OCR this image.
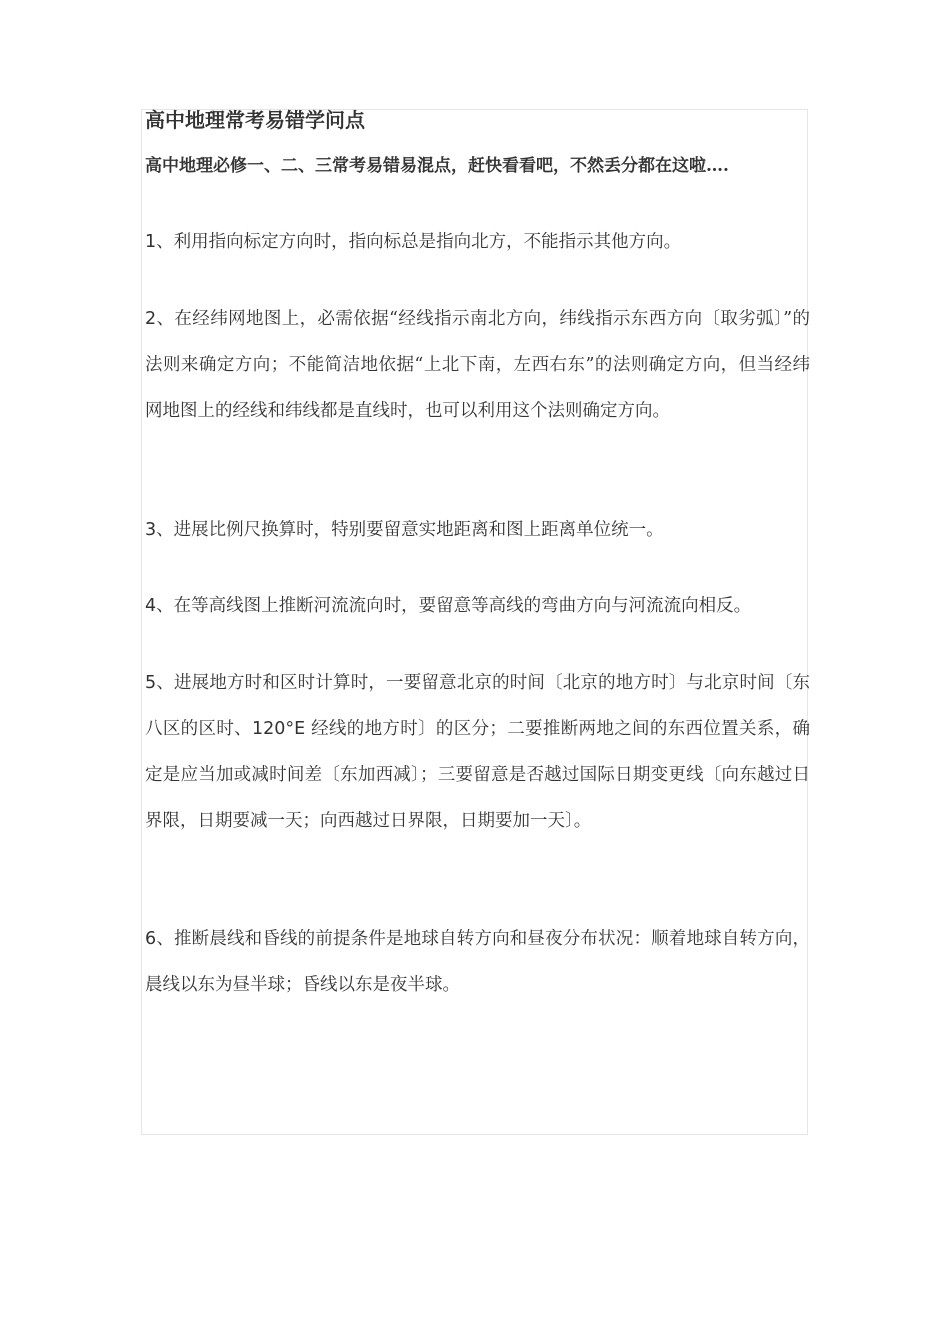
高中地理常考易错学问点

高中地理必修一、二、三常考易错易混点，赶快看看吧，不然丢分都在这啦….

1、利用指向标定方向时，指向标总是指向北方，不能指示其他方向。

2、在经纬网地图上，必需依据“经线指示南北方向，纬线指示东西方向〔取劣弧〕”的法则来确定方向；不能简洁地依据“上北下南，左西右东”的法则确定方向，但当经纬网地图上的经线和纬线都是直线时，也可以利用这个法则确定方向。

3、进展比例尺换算时，特别要留意实地距离和图上距离单位统一。

4、在等高线图上推断河流流向时，要留意等高线的弯曲方向与河流流向相反。

5、进展地方时和区时计算时，一要留意北京的时间〔北京的地方时〕与北京时间〔东八区的区时、120°E 经线的地方时〕的区分；二要推断两地之间的东西位置关系，确定是应当加或减时间差〔东加西减〕；三要留意是否越过国际日期变更线〔向东越过日界限，日期要减一天；向西越过日界限，日期要加一天〕。

6、推断晨线和昏线的前提条件是地球自转方向和昼夜分布状况：顺着地球自转方向，晨线以东为昼半球；昏线以东是夜半球。
